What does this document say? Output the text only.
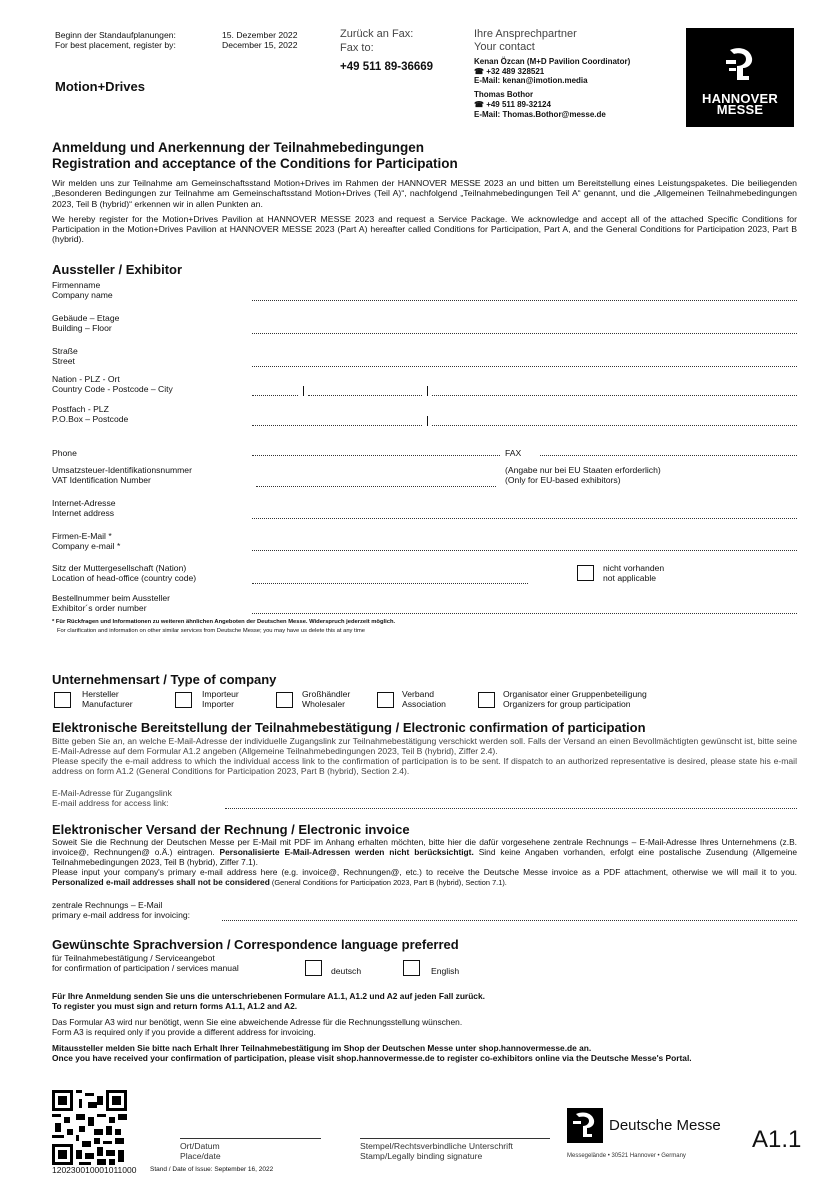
Beginn der Standaufplanungen:
For best placement, register by:
15. Dezember 2022
December 15, 2022
Zurück an Fax:
Fax to:
+49 511 89-36669
Motion+Drives
Ihre Ansprechpartner
Your contact
Kenan Özcan (M+D Pavilion Coordinator)
☎ +32 489 328521
E-Mail: kenan@imotion.media
Thomas Bothor
☎ +49 511 89-32124
E-Mail: Thomas.Bothor@messe.de
HANNOVER
MESSE
Anmeldung und Anerkennung der Teilnahmebedingungen
Registration and acceptance of the Conditions for Participation

Wir melden uns zur Teilnahme am Gemeinschaftsstand Motion+Drives im Rahmen der HANNOVER MESSE 2023 an und bitten um Bereitstellung eines Leistungspaketes. Die beiliegenden „Besonderen Bedingungen zur Teilnahme am Gemeinschaftsstand Motion+Drives (Teil A)“, nachfolgend „Teilnahmebedingungen Teil A“ genannt, und die „Allgemeinen Teilnahmebedingungen 2023, Teil B (hybrid)“ erkennen wir in allen Punkten an.

We hereby register for the Motion+Drives Pavilion at HANNOVER MESSE 2023 and request a Service Package. We acknowledge and accept all of the attached Specific Conditions for Participation in the Motion+Drives Pavilion at HANNOVER MESSE 2023 (Part A) hereafter called Conditions for Participation, Part A, and the General Conditions for Participation 2023, Part B (hybrid).

Aussteller / Exhibitor
Firmenname
Company name
Gebäude – Etage
Building – Floor
Straße
Street
Nation - PLZ - Ort
Country Code - Postcode – City
Postfach - PLZ
P.O.Box – Postcode
Phone	FAX
Umsatzsteuer-Identifikationsnummer
VAT Identification Number
(Angabe nur bei EU Staaten erforderlich)
(Only for EU-based exhibitors)
Internet-Adresse
Internet address
Firmen-E-Mail *
Company e-mail *
Sitz der Muttergesellschaft (Nation)
Location of head-office (country code)
nicht vorhanden
not applicable
Bestellnummer beim Aussteller
Exhibitor´s order number
* Für Rückfragen und Informationen zu weiteren ähnlichen Angeboten der Deutschen Messe. Widerspruch jederzeit möglich.
For clarification and information on other similar services from Deutsche Messe; you may have us delete this at any time
Unternehmensart / Type of company
Hersteller
Manufacturer
Importeur
Importer
Großhändler
Wholesaler
Verband
Association
Organisator einer Gruppenbeteiligung
Organizers for group participation
Elektronische Bereitstellung der Teilnahmebestätigung / Electronic confirmation of participation

Bitte geben Sie an, an welche E-Mail-Adresse der individuelle Zugangslink zur Teilnahmebestätigung verschickt werden soll. Falls der Versand an einen Bevollmächtigten gewünscht ist, bitte seine E-Mail-Adresse auf dem Formular A1.2 angeben (Allgemeine Teilnahmebedingungen 2023, Teil B (hybrid), Ziffer 2.4).

Please specify the e-mail address to which the individual access link to the confirmation of participation is to be sent. If dispatch to an authorized representative is desired, please state his e-mail address on form A1.2 (General Conditions for Participation 2023, Part B (hybrid), Section 2.4).

E-Mail-Adresse für Zugangslink
E-mail address for access link:
Elektronischer Versand der Rechnung / Electronic invoice

Soweit Sie die Rechnung der Deutschen Messe per E-Mail mit PDF im Anhang erhalten möchten, bitte hier die dafür vorgesehene zentrale Rechnungs – E-Mail-Adresse Ihres Unternehmens (z.B. invoice@, Rechnungen@ o.Ä.) eintragen. Personalisierte E-Mail-Adressen werden nicht berücksichtigt. Sind keine Angaben vorhanden, erfolgt eine postalische Zusendung (Allgemeine Teilnahmebedingungen 2023, Teil B (hybrid), Ziffer 7.1).

Please input your company's primary e-mail address here (e.g. invoice@, Rechnungen@, etc.) to receive the Deutsche Messe invoice as a PDF attachment, otherwise we will mail it to you. Personalized e-mail addresses shall not be considered (General Conditions for Participation 2023, Part B (hybrid), Section 7.1).

zentrale Rechnungs – E-Mail
primary e-mail address for invoicing:
Gewünschte Sprachversion / Correspondence language preferred
für Teilnahmebestätigung / Serviceangebot
for confirmation of participation / services manual	deutsch	English
Für Ihre Anmeldung senden Sie uns die unterschriebenen Formulare A1.1, A1.2 und A2 auf jeden Fall zurück.
To register you must sign and return forms A1.1, A1.2 and A2.
Das Formular A3 wird nur benötigt, wenn Sie eine abweichende Adresse für die Rechnungsstellung wünschen.
Form A3 is required only if you provide a different address for invoicing.
Mitaussteller melden Sie bitte nach Erhalt Ihrer Teilnahmebestätigung im Shop der Deutschen Messe unter shop.hannovermesse.de an.
Once you have received your confirmation of participation, please visit shop.hannovermesse.de to register co-exhibitors online via the Deutsche Messe's Portal.
120230010001011000 Stand / Date of Issue: September 16, 2022
Ort/Datum
Place/date
Stempel/Rechtsverbindliche Unterschrift
Stamp/Legally binding signature
Deutsche Messe
Messegelände • 30521 Hannover • Germany
A1.1
